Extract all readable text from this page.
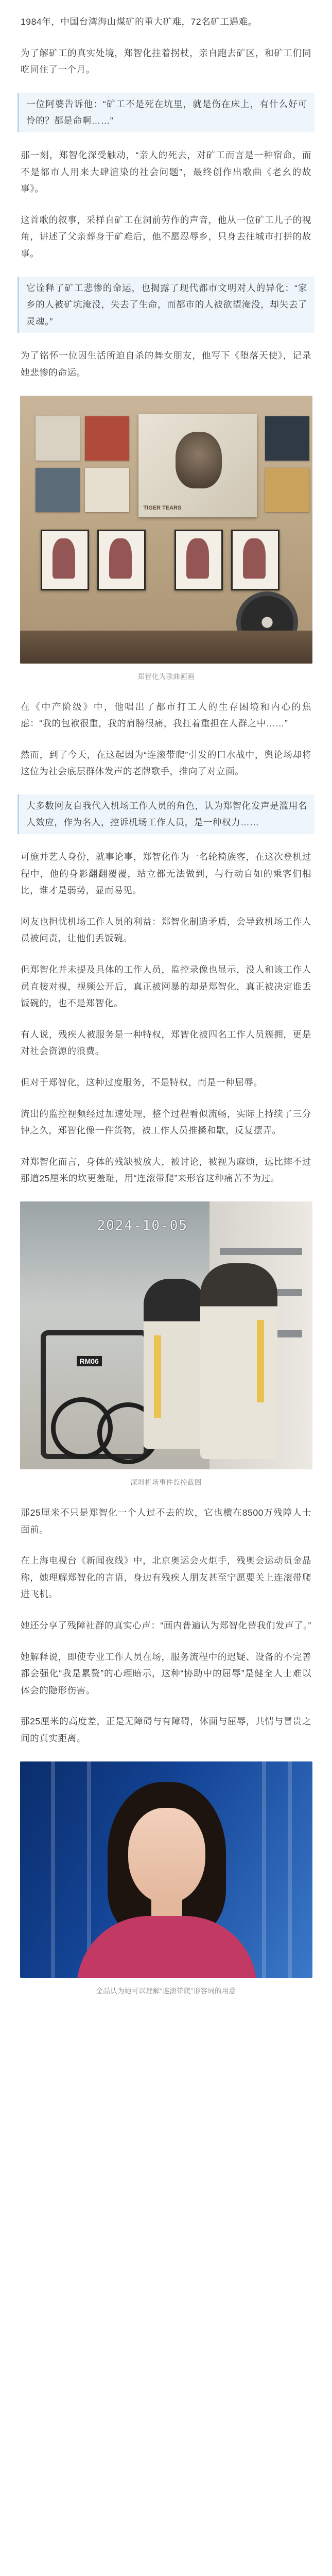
1984年，中国台湾海山煤矿的重大矿难，72名矿工遇难。

为了解矿工的真实处境，郑智化拄着拐杖，亲自跑去矿区，和矿工们同吃同住了一个月。

一位阿婆告诉他：“矿工不是死在坑里，就是伤在床上，有什么好可怜的？都是命啊……”

那一刻，郑智化深受触动，“亲人的死去，对矿工而言是一种宿命，而不是都市人用来大肆渲染的社会问题”，最终创作出歌曲《老幺的故事》。

这首歌的叙事，采样自矿工在洞前劳作的声音，他从一位矿工儿子的视角，讲述了父亲葬身于矿难后，他不愿忍辱乡，只身去往城市打拼的故事。

它诠释了矿工悲惨的命运，也揭露了现代都市文明对人的异化：“家乡的人被矿坑淹没，失去了生命，而都市的人被欲望淹没，却失去了灵魂。”

为了铭怀一位因生活所迫自杀的舞女朋友，他写下《堕落天使》，记录她悲惨的命运。

TIGER TEARS
郑智化为歌曲画画

在《中产阶级》中，他唱出了都市打工人的生存困境和内心的焦虑：“我的包袱很重，我的肩膀很痛，我扛着重担在人群之中……”

然而，到了今天，在这起因为“连滚带爬”引发的口水战中，舆论场却将这位为社会底层群体发声的老牌歌手，推向了对立面。

大多数网友自我代入机场工作人员的角色，认为郑智化发声是滥用名人效应，作为名人，控诉机场工作人员，是一种权力……

可施并艺人身份，就事论事，郑智化作为一名轮椅族客，在这次登机过程中，他的身影翻翻覆覆，站立都无法做到，与行动自如的乘客们相比，谁才是弱势，显而易见。

网友也担忧机场工作人员的利益：郑智化制造矛盾，会导致机场工作人员被问责，让他们丢饭碗。

但郑智化并未提及具体的工作人员，监控录像也显示，没人和该工作人员直接对视，视频公开后，真正被网暴的却是郑智化，真正被决定谁丢饭碗的，也不是郑智化。

有人说，残疾人被服务是一种特权，郑智化被四名工作人员簇拥，更是对社会资源的浪费。

但对于郑智化，这种过度服务，不是特权，而是一种屈辱。

流出的监控视频经过加速处理，整个过程看似流畅，实际上持续了三分钟之久，郑智化像一件货物，被工作人员推搡和歇，反复摆弄。

对郑智化而言，身体的残缺被放大，被讨论，被视为麻烦，远比摔不过那道25厘米的坎更羞耻，用“连滚带爬”来形容这种痛苦不为过。

2024-10-05
RM06
深圳机场事件监控截图

那25厘米不只是郑智化一个人过不去的坎，它也横在8500万残障人士面前。

在上海电视台《新闻夜线》中，北京奥运会火炬手，残奥会运动员金晶称，她理解郑智化的言语，身边有残疾人朋友甚至宁愿要关上连滚带爬进飞机。

她还分享了残障社群的真实心声：“画内普遍认为郑智化替我们发声了。”

她解释说，即使专业工作人员在场，服务流程中的迟疑、设备的不完善都会强化“我是累赘”的心理暗示，这种“协助中的屈辱”是健全人士难以体会的隐形伤害。

那25厘米的高度差，正是无障碍与有障碍，体面与屈辱，共情与冒贵之间的真实距离。

金晶认为她可以理解“连滚带爬”形容词的用意
